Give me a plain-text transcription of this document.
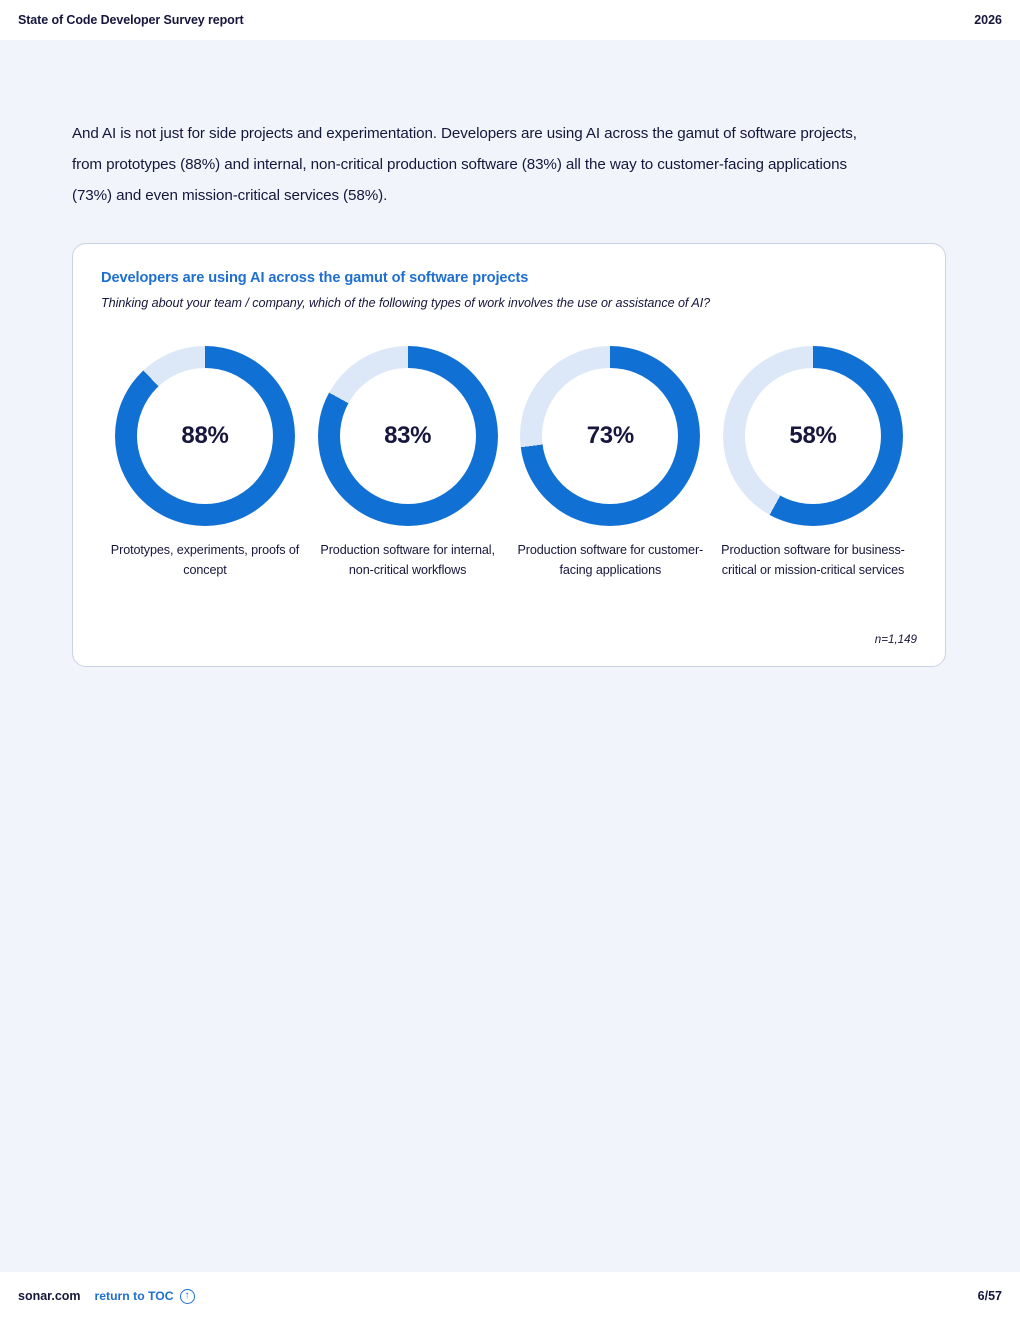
State of Code Developer Survey report	2026

And AI is not just for side projects and experimentation. Developers are using AI across the gamut of software projects, from prototypes (88%) and internal, non-critical production software (83%) all the way to customer-facing applications (73%) and even mission-critical services (58%).

Developers are using AI across the gamut of software projects

Thinking about your team / company, which of the following types of work involves the use or assistance of AI?

88%
Prototypes, experiments, proofs of concept
83%
Production software for internal, non-critical workflows
73%
Production software for customer-facing applications
58%
Production software for business-critical or mission-critical services
n=1,149
sonar.com return to TOC	↑	6/57
